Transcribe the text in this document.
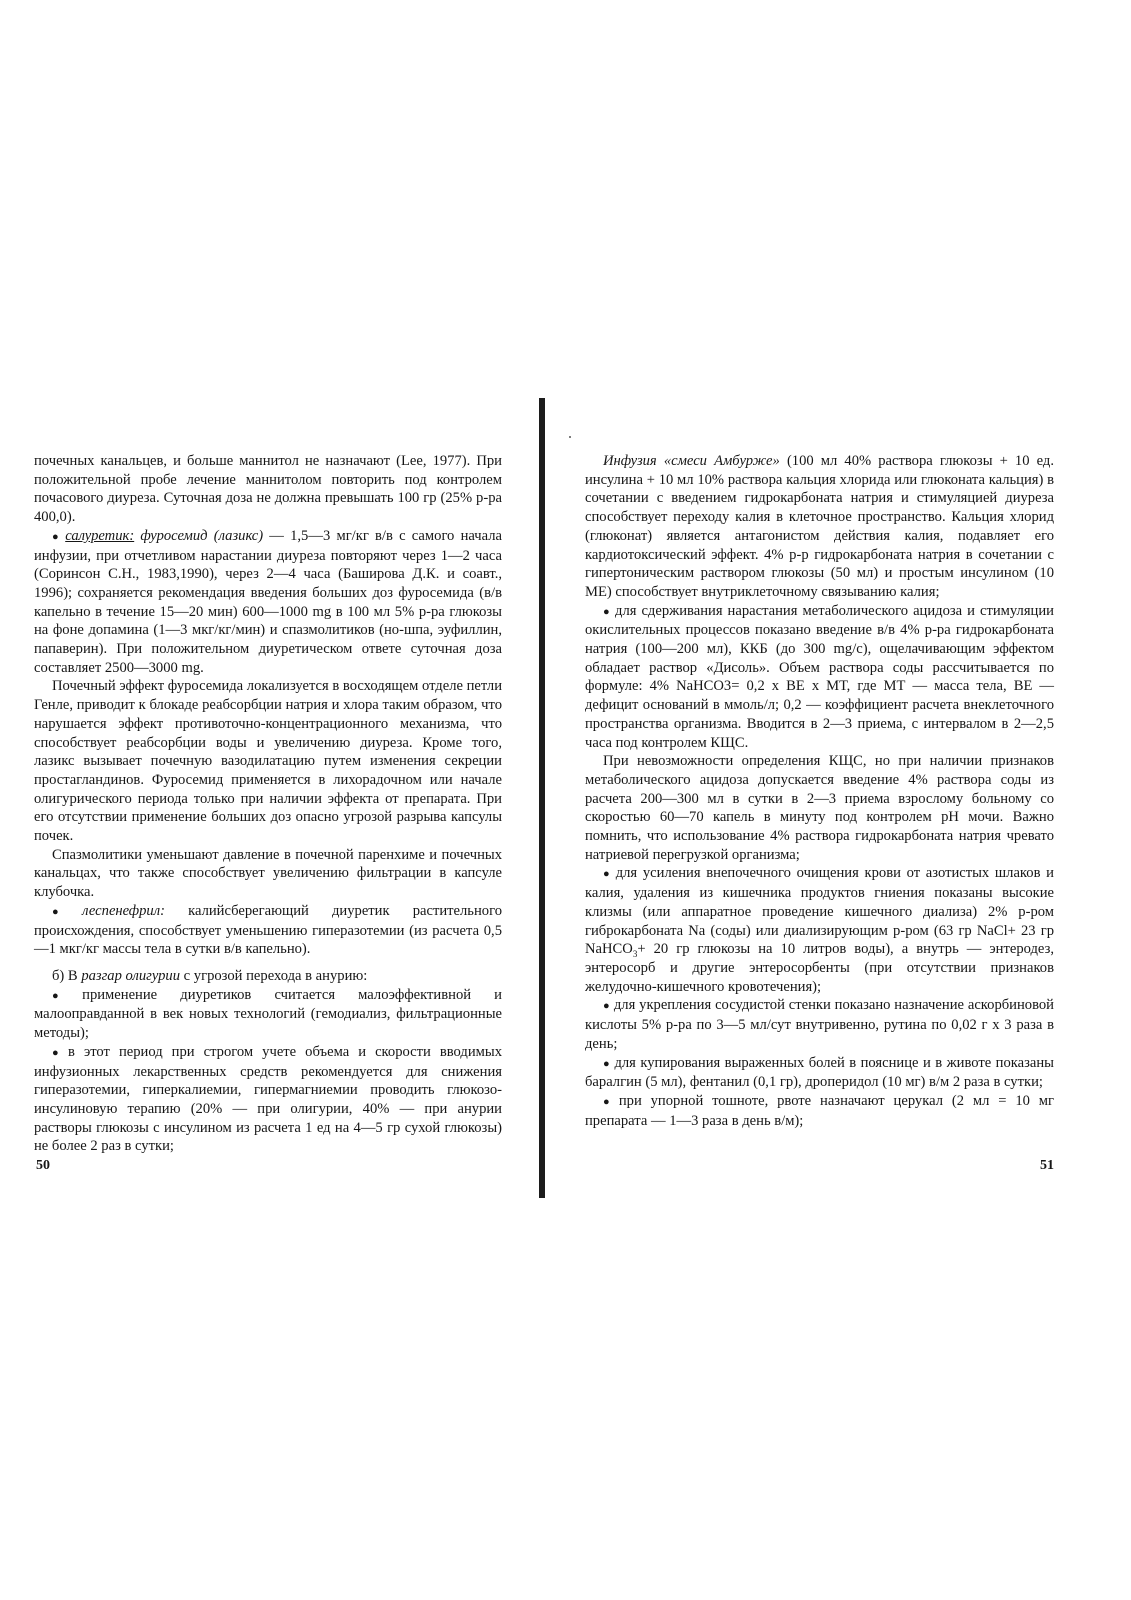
почечных канальцев, и больше маннитол не назначают (Lee, 1977). При положительной пробе лечение маннитолом повторить под контролем почасового диуреза. Суточная доза не должна превышать 100 гр (25% р-ра 400,0).

● салуретик: фуросемид (лазикс) — 1,5—3 мг/кг в/в с самого начала инфузии, при отчетливом нарастании диуреза повторяют через 1—2 часа (Соринсон С.Н., 1983,1990), через 2—4 часа (Баширова Д.К. и соавт., 1996); сохраняется рекомендация введения больших доз фуросемида (в/в капельно в течение 15—20 мин) 600—1000 mg в 100 мл 5% р-ра глюкозы на фоне допамина (1—3 мкг/кг/мин) и спазмолитиков (но-шпа, эуфиллин, папаверин). При положительном диуретическом ответе суточная доза составляет 2500—3000 mg.

Почечный эффект фуросемида локализуется в восходящем отделе петли Генле, приводит к блокаде реабсорбции натрия и хлора таким образом, что нарушается эффект противоточно-концентрационного механизма, что способствует реабсорбции воды и увеличению диуреза. Кроме того, лазикс вызывает почечную вазодилатацию путем изменения секреции простагландинов. Фуросемид применяется в лихорадочном или начале олигурического периода только при наличии эффекта от препарата. При его отсутствии применение больших доз опасно угрозой разрыва капсулы почек.

Спазмолитики уменьшают давление в почечной паренхиме и почечных канальцах, что также способствует увеличению фильтрации в капсуле клубочка.

● леспенефрил: калийсберегающий диуретик растительного происхождения, способствует уменьшению гиперазотемии (из расчета 0,5—1 мкг/кг массы тела в сутки в/в капельно).

б) В разгар олигурии с угрозой перехода в анурию:

● применение диуретиков считается малоэффективной и малооправданной в век новых технологий (гемодиализ, фильтрационные методы);

● в этот период при строгом учете объема и скорости вводимых инфузионных лекарственных средств рекомендуется для снижения гиперазотемии, гиперкалиемии, гипермагниемии проводить глюкозо-инсулиновую терапию (20% — при олигурии, 40% — при анурии растворы глюкозы с инсулином из расчета 1 ед на 4—5 гр сухой глюкозы) не более 2 раз в сутки;

50

Инфузия «смеси Амбурже» (100 мл 40% раствора глюкозы + 10 ед. инсулина + 10 мл 10% раствора кальция хлорида или глюконата кальция) в сочетании с введением гидрокарбоната натрия и стимуляцией диуреза способствует переходу калия в клеточное пространство. Кальция хлорид (глюконат) является антагонистом действия калия, подавляет его кардиотоксический эффект. 4% р-р гидрокарбоната натрия в сочетании с гипертоническим раствором глюкозы (50 мл) и простым инсулином (10 МЕ) способствует внутриклеточному связыванию калия;

● для сдерживания нарастания метаболического ацидоза и стимуляции окислительных процессов показано введение в/в 4% р-ра гидрокарбоната натрия (100—200 мл), ККБ (до 300 mg/с), ощелачивающим эффектом обладает раствор «Дисоль». Объем раствора соды рассчитывается по формуле: 4% NaHCO3= 0,2 х ВЕ х МТ, где МТ — масса тела, ВЕ — дефицит оснований в ммоль/л; 0,2 — коэффициент расчета внеклеточного пространства организма. Вводится в 2—3 приема, с интервалом в 2—2,5 часа под контролем КЩС.

При невозможности определения КЩС, но при наличии признаков метаболического ацидоза допускается введение 4% раствора соды из расчета 200—300 мл в сутки в 2—3 приема взрослому больному со скоростью 60—70 капель в минуту под контролем pH мочи. Важно помнить, что использование 4% раствора гидрокарбоната натрия чревато натриевой перегрузкой организма;

● для усиления внепочечного очищения крови от азотистых шлаков и калия, удаления из кишечника продуктов гниения показаны высокие клизмы (или аппаратное проведение кишечного диализа) 2% р-ром гиброкарбоната Na (соды) или диализирующим р-ром (63 гр NaCl+ 23 гр NaHCO$_3$+ 20 гр глюкозы на 10 литров воды), а внутрь — энтеродез, энтеросорб и другие энтеросорбенты (при отсутствии признаков желудочно-кишечного кровотечения);

● для укрепления сосудистой стенки показано назначение аскорбиновой кислоты 5% р-ра по 3—5 мл/сут внутривенно, рутина по 0,02 г х 3 раза в день;

● для купирования выраженных болей в пояснице и в животе показаны баралгин (5 мл), фентанил (0,1 гр), дроперидол (10 мг) в/м 2 раза в сутки;

● при упорной тошноте, рвоте назначают церукал (2 мл = 10 мг препарата — 1—3 раза в день в/м);

51
